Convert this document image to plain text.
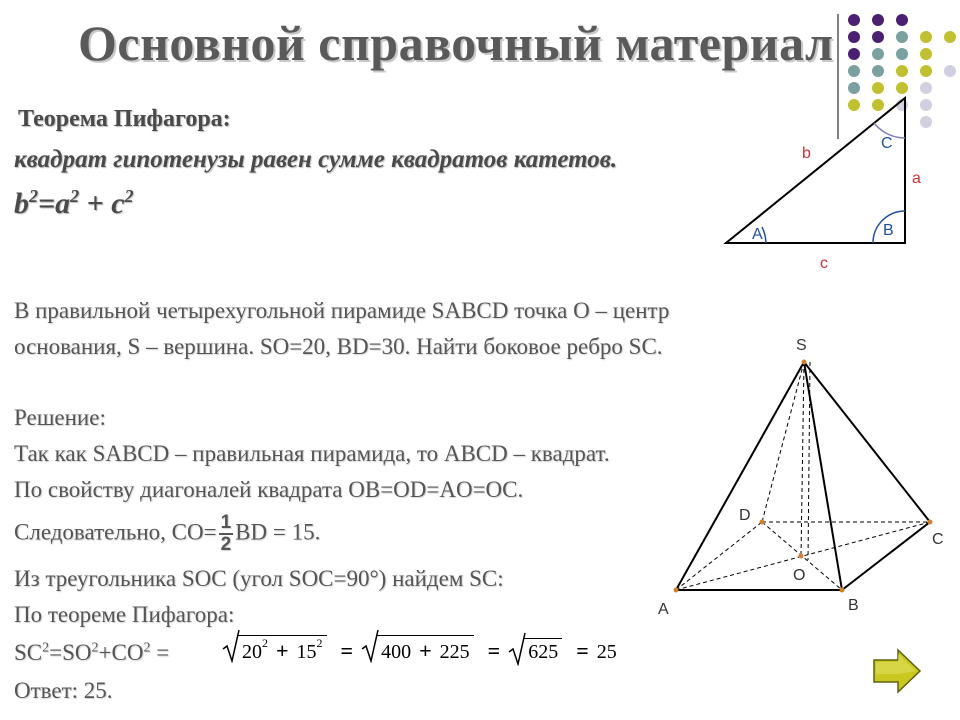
Основной справочный материал
Теорема Пифагора:
квадрат гипотенузы равен сумме квадратов катетов.
$b^2=a^2 + c^2$
A	B
C
b
c
a
В правильной четырехугольной пирамиде SABCD точка O – центр
основания, S – вершина. SO=20, BD=30. Найти боковое ребро SC.
Решение:
Так как SABCD – правильная пирамида, то ABCD – квадрат.
По свойству диагоналей квадрата OB=OD=AO=OC.
Следовательно, $CO= \frac{1}{2}$ BD = 15.
Из треугольника SOC (угол SOC=90°) найдем SC:
По теореме Пифагора:
$SC^2=SO^2+CO^2$ =
Ответ: 25.
$20^2 + 15^2 = 400 + 225 = 625 = 25$
S
A	B
C
D
O
